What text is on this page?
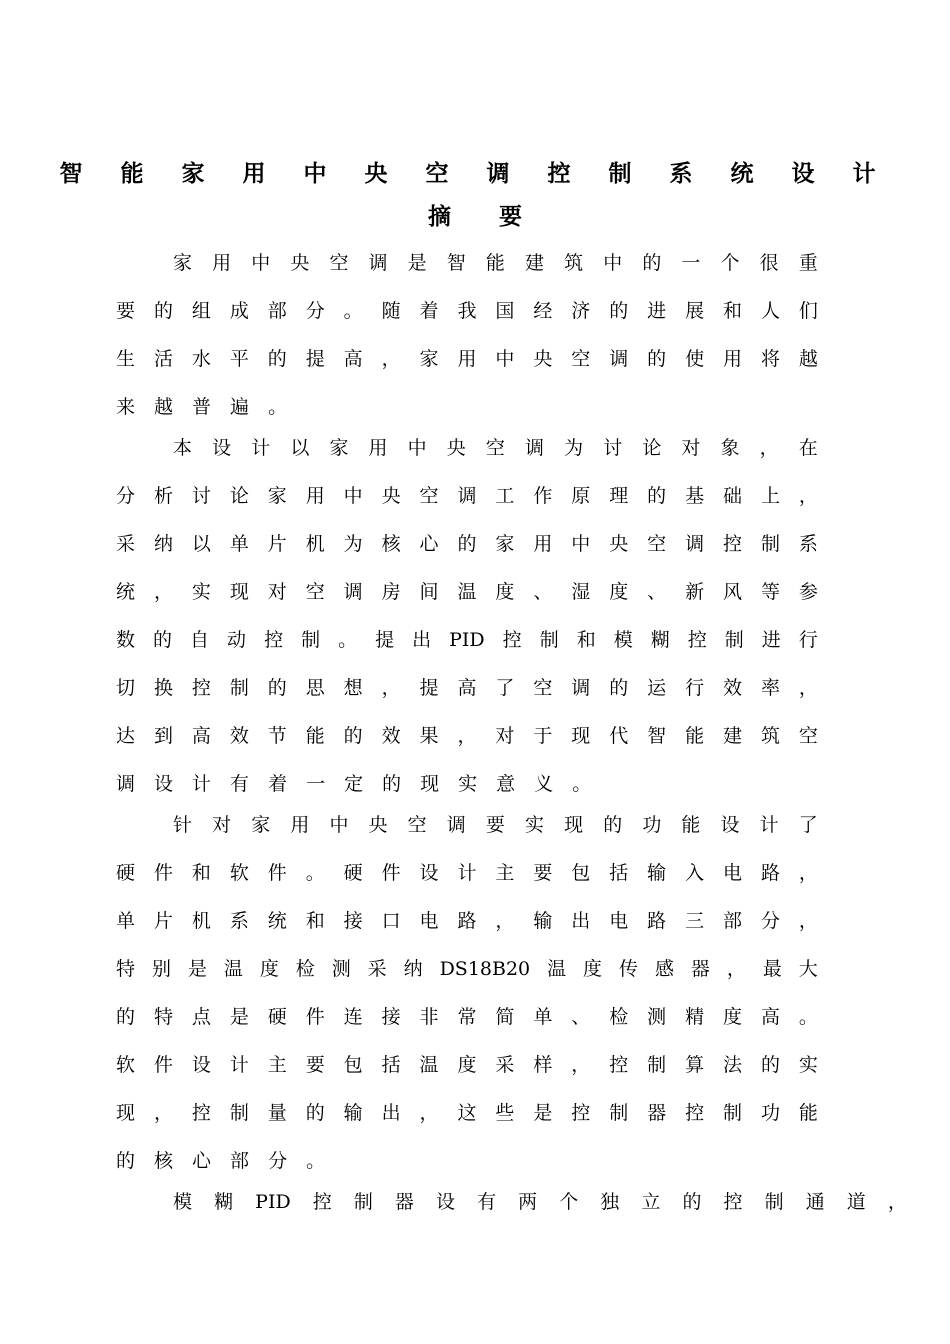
智 能 家 用 中 央 空 调 控 制 系 统 设 计
摘 要
家 用 中 央 空 调 是 智 能 建 筑 中 的 一 个 很 重
要 的 组 成 部 分 。 随 着 我 国 经 济 的 进 展 和 人 们
生 活 水 平 的 提 高 ， 家 用 中 央 空 调 的 使 用 将 越
来 越 普 遍 。
本 设 计 以 家 用 中 央 空 调 为 讨 论 对 象 ， 在
分 析 讨 论 家 用 中 央 空 调 工 作 原 理 的 基 础 上 ，
采 纳 以 单 片 机 为 核 心 的 家 用 中 央 空 调 控 制 系
统 ， 实 现 对 空 调 房 间 温 度 、 湿 度 、 新 风 等 参
数 的 自 动 控 制 。 提 出 PID 控 制 和 模 糊 控 制 进 行
切 换 控 制 的 思 想 ， 提 高 了 空 调 的 运 行 效 率 ，
达 到 高 效 节 能 的 效 果 ， 对 于 现 代 智 能 建 筑 空
调 设 计 有 着 一 定 的 现 实 意 义 。
针 对 家 用 中 央 空 调 要 实 现 的 功 能 设 计 了
硬 件 和 软 件 。 硬 件 设 计 主 要 包 括 输 入 电 路 ，
单 片 机 系 统 和 接 口 电 路 ， 输 出 电 路 三 部 分 ，
特 别 是 温 度 检 测 采 纳 DS18B20 温 度 传 感 器 ， 最 大
的 特 点 是 硬 件 连 接 非 常 简 单 、 检 测 精 度 高 。
软 件 设 计 主 要 包 括 温 度 采 样 ， 控 制 算 法 的 实
现 ， 控 制 量 的 输 出 ， 这 些 是 控 制 器 控 制 功 能
的 核 心 部 分 。
模 糊 PID 控 制 器 设 有 两 个 独 立 的 控 制 通 道 ，
